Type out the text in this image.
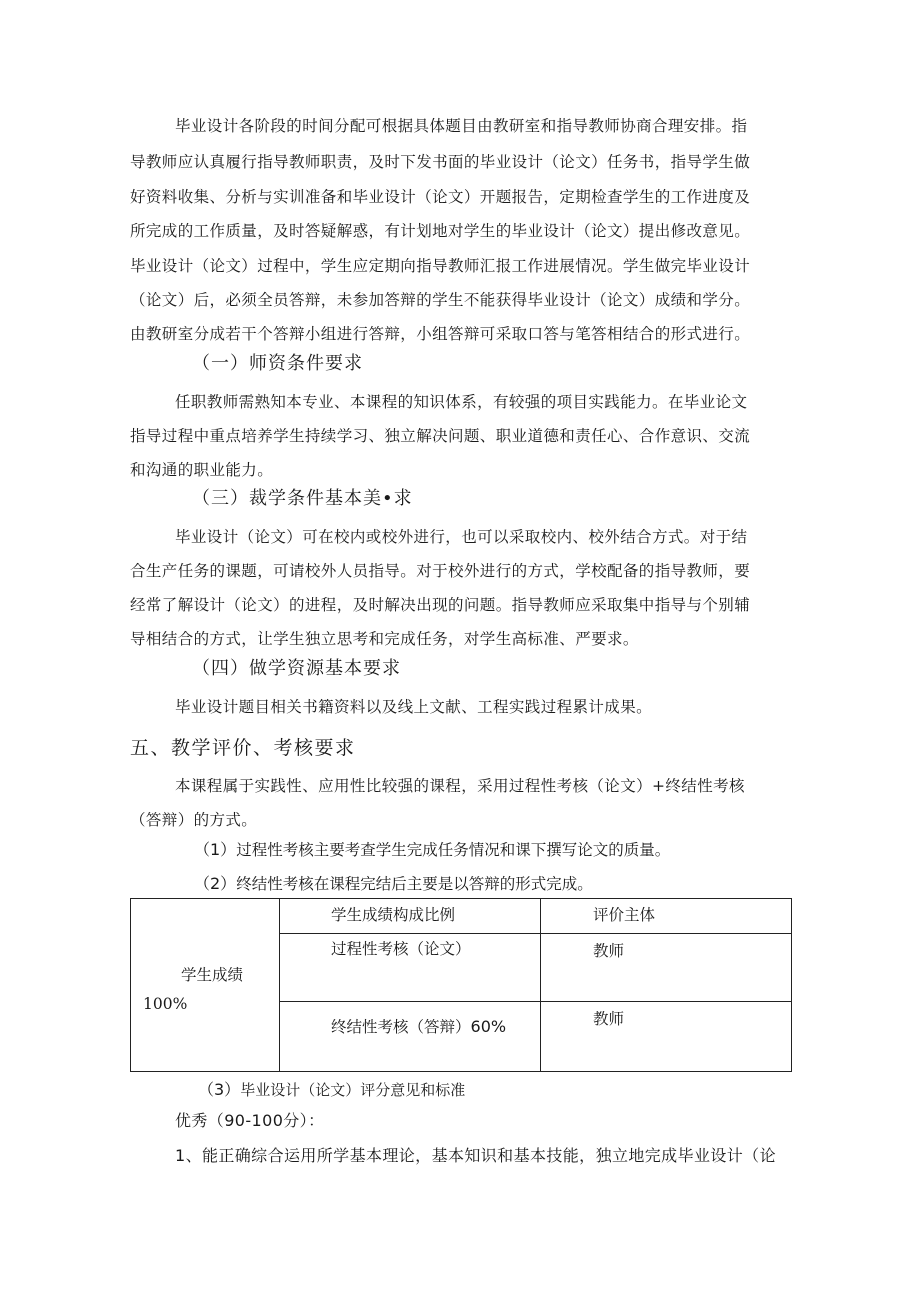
毕业设计各阶段的时间分配可根据具体题目由教研室和指导教师协商合理安排。指
导教师应认真履行指导教师职责，及时下发书面的毕业设计（论文）任务书，指导学生做
好资料收集、分析与实训准备和毕业设计（论文）开题报告，定期检查学生的工作进度及
所完成的工作质量，及时答疑解惑，有计划地对学生的毕业设计（论文）提出修改意见。
毕业设计（论文）过程中，学生应定期向指导教师汇报工作进展情况。学生做完毕业设计
（论文）后，必须全员答辩，未参加答辩的学生不能获得毕业设计（论文）成绩和学分。
由教研室分成若干个答辩小组进行答辩，小组答辩可采取口答与笔答相结合的形式进行。
（一）师资条件要求
任职教师需熟知本专业、本课程的知识体系，有较强的项目实践能力。在毕业论文
指导过程中重点培养学生持续学习、独立解决问题、职业道德和责任心、合作意识、交流
和沟通的职业能力。
（三）裁学条件基本美•求
毕业设计（论文）可在校内或校外进行，也可以采取校内、校外结合方式。对于结
合生产任务的课题，可请校外人员指导。对于校外进行的方式，学校配备的指导教师，要
经常了解设计（论文）的进程，及时解决出现的问题。指导教师应采取集中指导与个别辅
导相结合的方式，让学生独立思考和完成任务，对学生高标准、严要求。
（四）做学资源基本要求
毕业设计题目相关书籍资料以及线上文献、工程实践过程累计成果。
五、教学评价、考核要求
本课程属于实践性、应用性比较强的课程，采用过程性考核（论文）+终结性考核
（答辩）的方式。
（1）过程性考核主要考查学生完成任务情况和课下撰写论文的质量。
（2）终结性考核在课程完结后主要是以答辩的形式完成。
学生成绩
100%
学生成绩构成比例	评价主体
过程性考核（论文）	教师
终结性考核（答辩）60%	教师
（3）毕业设计（论文）评分意见和标准
优秀（90-100分）：
1、能正确综合运用所学基本理论，基本知识和基本技能，独立地完成毕业设计（论
